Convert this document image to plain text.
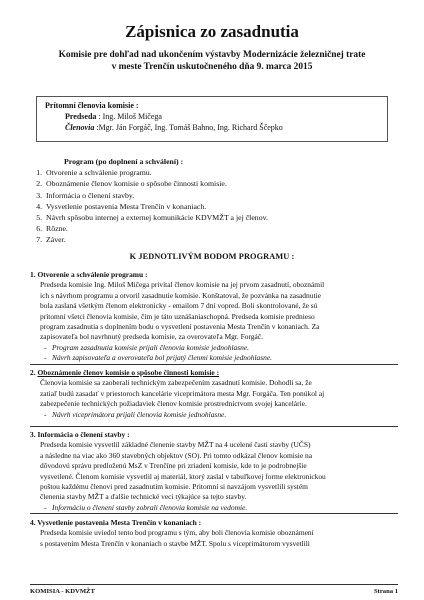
Zápisnica zo zasadnutia
Komisie pre dohľad nad ukončením výstavby Modernizácie železničnej trate
v meste Trenčín uskutočneného dňa 9. marca 2015
Prítomní členovia komisie :
Predseda : Ing. Miloš Mičega
Členovia :Mgr. Ján Forgáč, Ing. Tomáš Bahno, Ing. Richard Ščepko
Program (po doplnení a schválení) :
1. Otvorenie a schválenie programu.
2. Oboznámenie členov komisie o spôsobe činnosti komisie.
3. Informácia o členení stavby.
4. Vysvetlenie postavenia Mesta Trenčín v konaniach.
5. Návrh spôsobu internej a externej komunikácie KDVMŽT a jej členov.
6. Rôzne.
7. Záver.
K JEDNOTLIVÝM BODOM PROGRAMU :
1. Otvorenie a schválenie programu :

Predseda komisie Ing. Miloš Mičega privítal členov komisie na jej prvom zasadnutí, oboznámil

ich s návrhom programu a otvoril zasadnutie komisie. Konštatoval, že pozvánka na zasadnutie

bola zaslaná všetkým členom elektronicky - emailom 7 dní vopred. Boli skontrolované, že sú

prítomní všetci členovia komisie, čím je táto uznášaniaschopná. Predseda komisie prednieso

program zasadnutia s doplnením bodu o vysvetlení postavenia Mesta Trenčín v konaniach. Za

zapisovateľa bol navrhnutý predseda komisie, za overovateľa Mgr. Forgáč.

- Program zasadnutia komisie prijali členovia komisie jednohlasne.
- Návrh zapisovateľa a overovateľa bol prijatý členmi komisie jednohlasne.
2. Oboznámenie členov komisie o spôsobe činnosti komisie :

Členovia komisie sa zaoberali technickým zabezpečením zasadnutí komisie. Dohodli sa, že

zatiaľ budú zasadať v priestoroch kancelárie viceprimátora mesta Mgr. Forgáča. Ten ponúkol aj

zabezpečenie technických požiadaviek členov komisie prostredníctvom svojej kancelárie.

- Návrh viceprimátora prijali členovia komisie jednohlasne.
3. Informácia o členení stavby :

Predseda komisie vysvetlil základné členenie stavby MŽT na 4 ucelené časti stavby (UČS)

a následne na viac ako 360 stavebných objektov (SO). Pri tomto odkázal členov komisie na

dôvodovú správu predloženú MsZ v Trenčíne pri zriadení komisie, kde to je podrobnejšie

vysvetlené. Členom komisie vysvetlil aj materiál, ktorý zaslal v tabuľkovej forme elektronickou

poštou každému členovi pred zasadnutím komisie. Pritomní si navzájom vysvetlili systém

členenia stavby MŽT a ďalšie technické veci týkajúce sa tejto stavby.

- Informáciu o členení stavby zobrali členovia komisie na vedomie.
4. Vysvetlenie postavenia Mesta Trenčín v konaniach :

Predseda komisie uviedol tento bod programu s tým, aby boli členovia komisie oboznámení

s postavením Mesta Trenčín v konaniach o stavbe MŽT. Spolu s viceprimátorom vysvetlili

KOMISIA - KDVMŽT	Strana 1
